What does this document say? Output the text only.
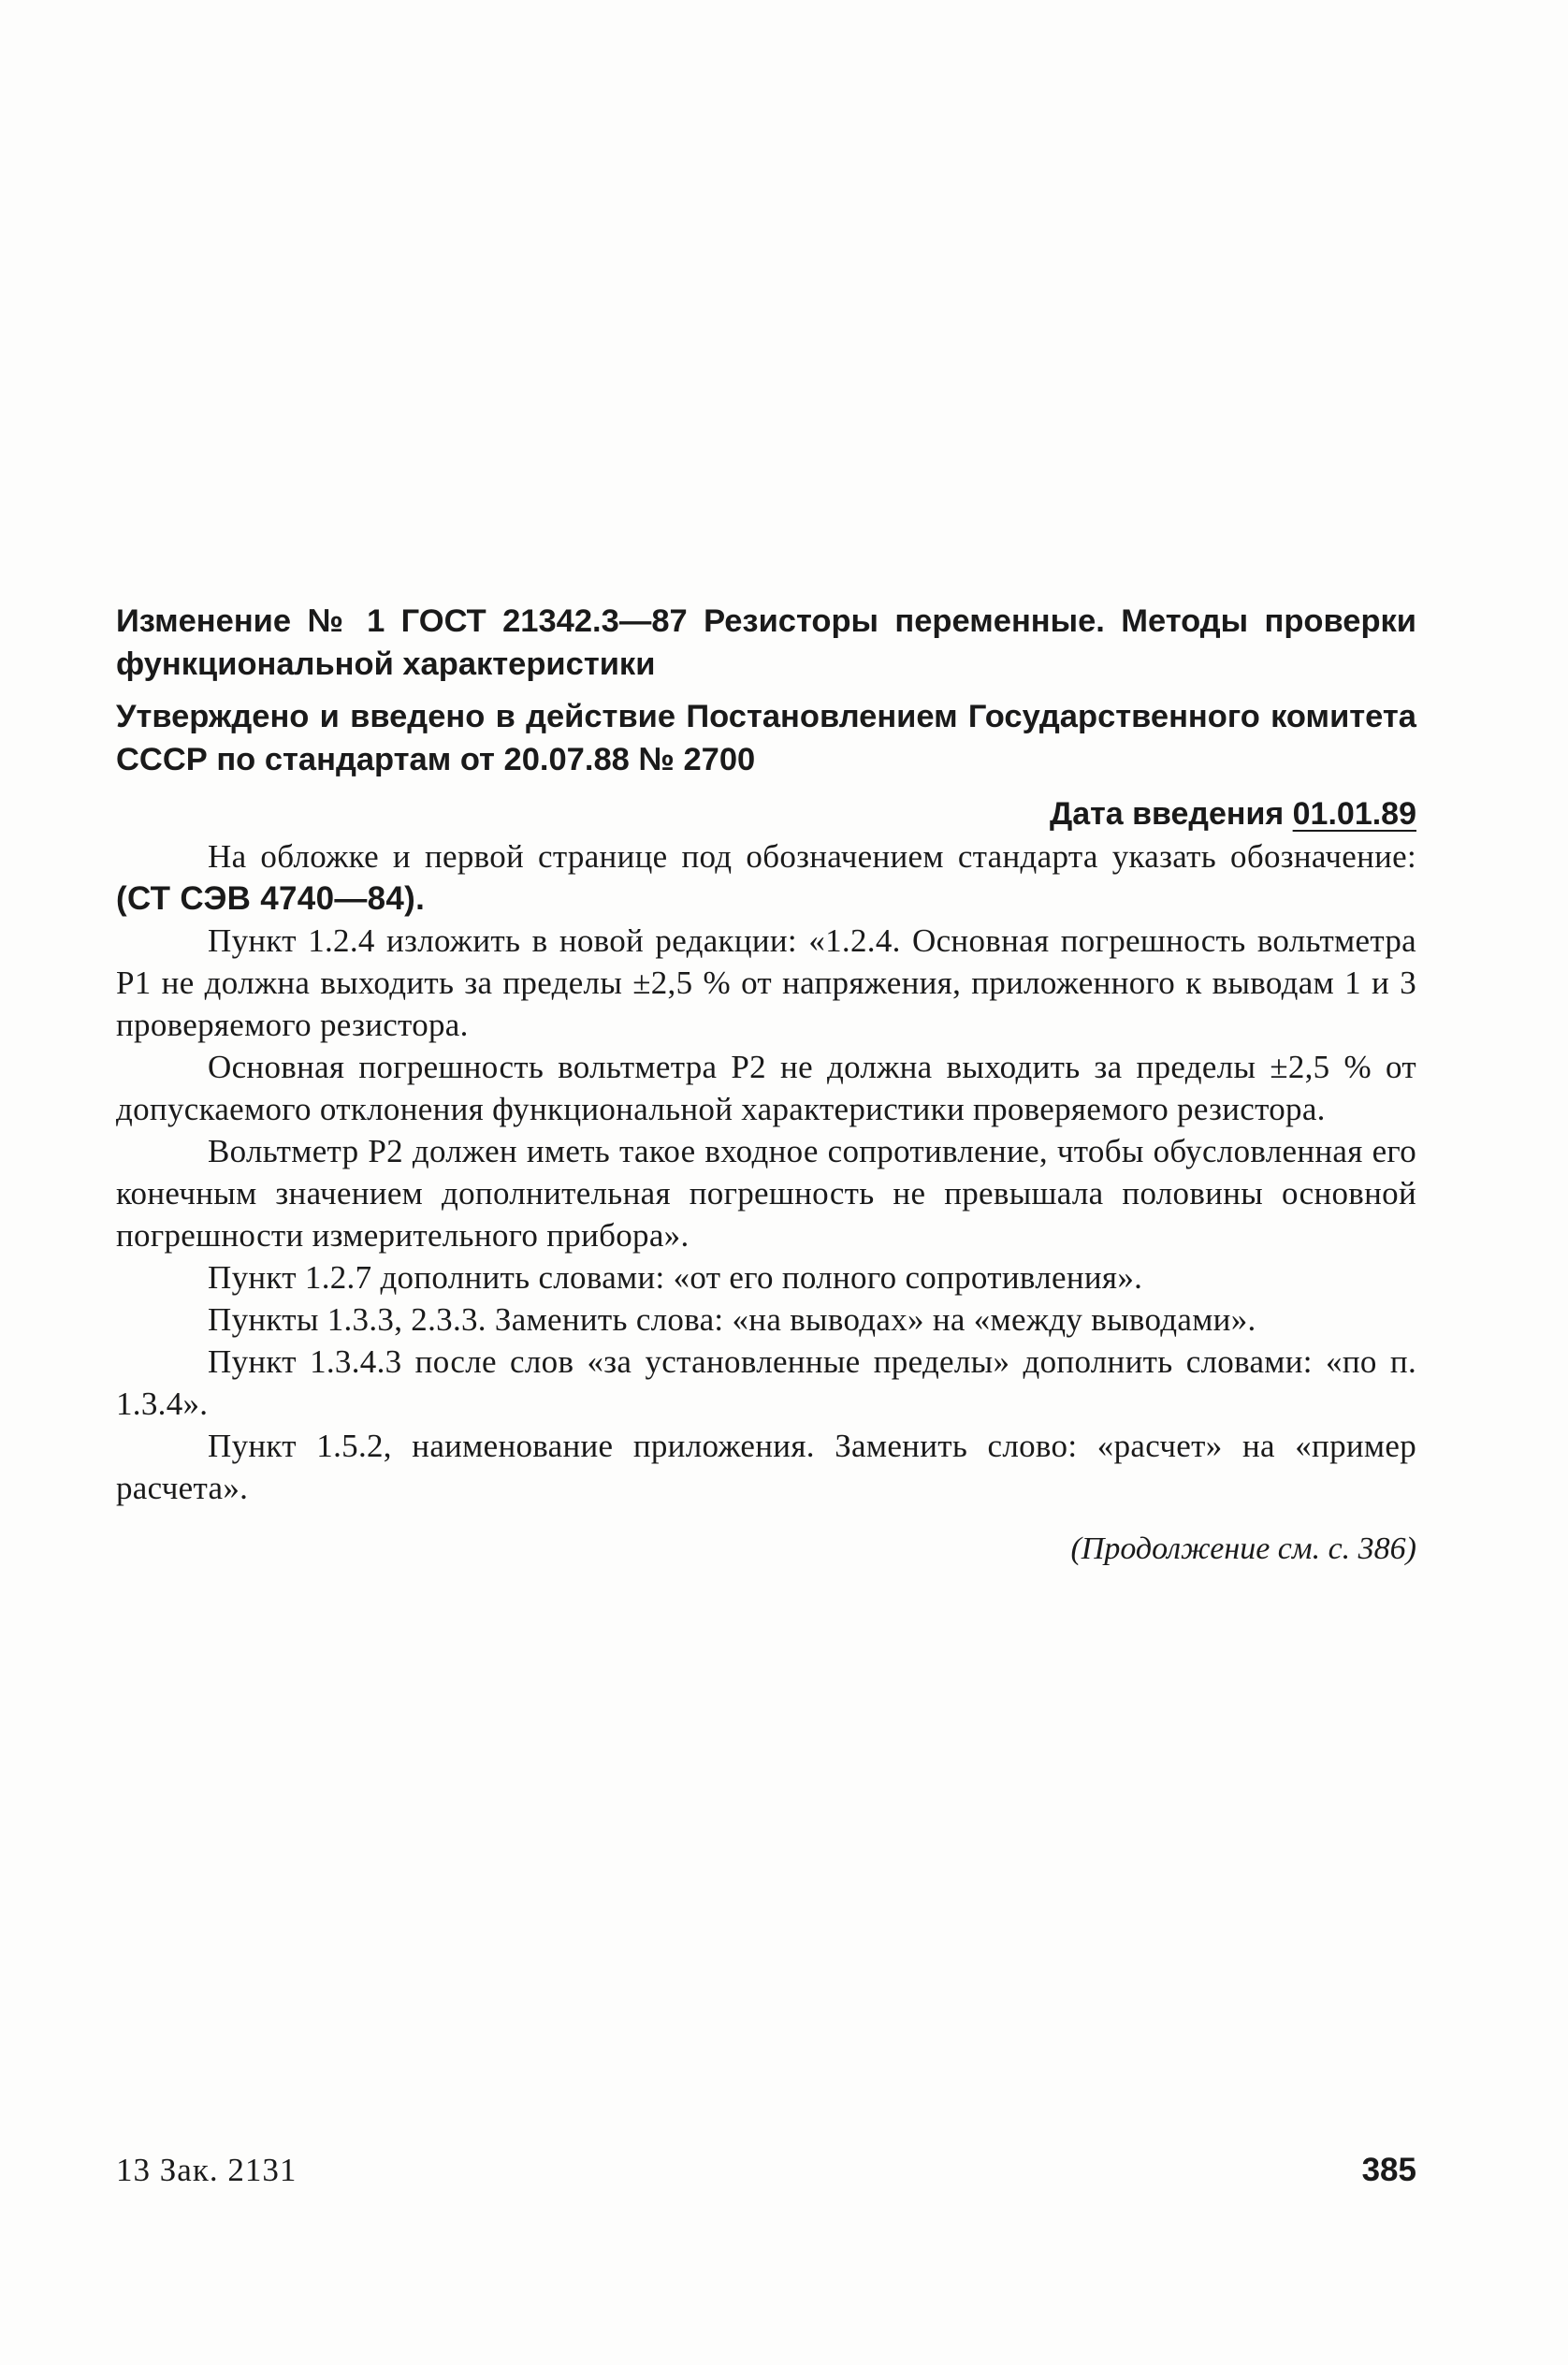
Изменение № 1 ГОСТ 21342.3—87 Резисторы переменные. Методы проверки функциональной характеристики

Утверждено и введено в действие Постановлением Государственного комитета СССР по стандартам от 20.07.88 № 2700

Дата введения 01.01.89

На обложке и первой странице под обозначением стандарта указать обозначение: (СТ СЭВ 4740—84).

Пункт 1.2.4 изложить в новой редакции: «1.2.4. Основная погрешность вольтметра P1 не должна выходить за пределы ±2,5 % от напряжения, приложенного к выводам 1 и 3 проверяемого резистора.

Основная погрешность вольтметра P2 не должна выходить за пределы ±2,5 % от допускаемого отклонения функциональной характеристики проверяемого резистора.

Вольтметр P2 должен иметь такое входное сопротивление, чтобы обусловленная его конечным значением дополнительная погрешность не превышала половины основной погрешности измерительного прибора».

Пункт 1.2.7 дополнить словами: «от его полного сопротивления».

Пункты 1.3.3, 2.3.3. Заменить слова: «на выводах» на «между выводами».

Пункт 1.3.4.3 после слов «за установленные пределы» дополнить словами: «по п. 1.3.4».

Пункт 1.5.2, наименование приложения. Заменить слово: «расчет» на «пример расчета».

(Продолжение см. с. 386)

13 Зак. 2131	385
